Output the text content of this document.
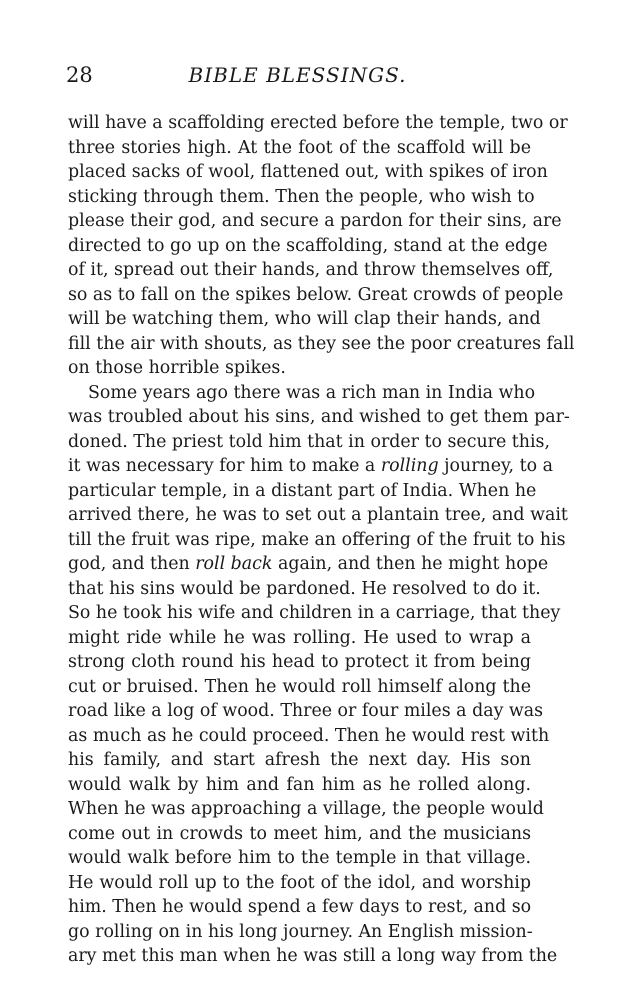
28	BIBLE BLESSINGS.
will have a scaffolding erected before the temple, two or
three stories high. At the foot of the scaffold will be
placed sacks of wool, flattened out, with spikes of iron
sticking through them. Then the people, who wish to
please their god, and secure a pardon for their sins, are
directed to go up on the scaffolding, stand at the edge
of it, spread out their hands, and throw themselves off,
so as to fall on the spikes below. Great crowds of people
will be watching them, who will clap their hands, and
fill the air with shouts, as they see the poor creatures fall
on those horrible spikes.
Some years ago there was a rich man in India who
was troubled about his sins, and wished to get them par-
doned. The priest told him that in order to secure this,
it was necessary for him to make a rolling journey, to a
particular temple, in a distant part of India. When he
arrived there, he was to set out a plantain tree, and wait
till the fruit was ripe, make an offering of the fruit to his
god, and then roll back again, and then he might hope
that his sins would be pardoned. He resolved to do it.
So he took his wife and children in a carriage, that they
might ride while he was rolling. He used to wrap a
strong cloth round his head to protect it from being
cut or bruised. Then he would roll himself along the
road like a log of wood. Three or four miles a day was
as much as he could proceed. Then he would rest with
his family, and start afresh the next day. His son
would walk by him and fan him as he rolled along.
When he was approaching a village, the people would
come out in crowds to meet him, and the musicians
would walk before him to the temple in that village.
He would roll up to the foot of the idol, and worship
him. Then he would spend a few days to rest, and so
go rolling on in his long journey. An English mission-
ary met this man when he was still a long way from the
